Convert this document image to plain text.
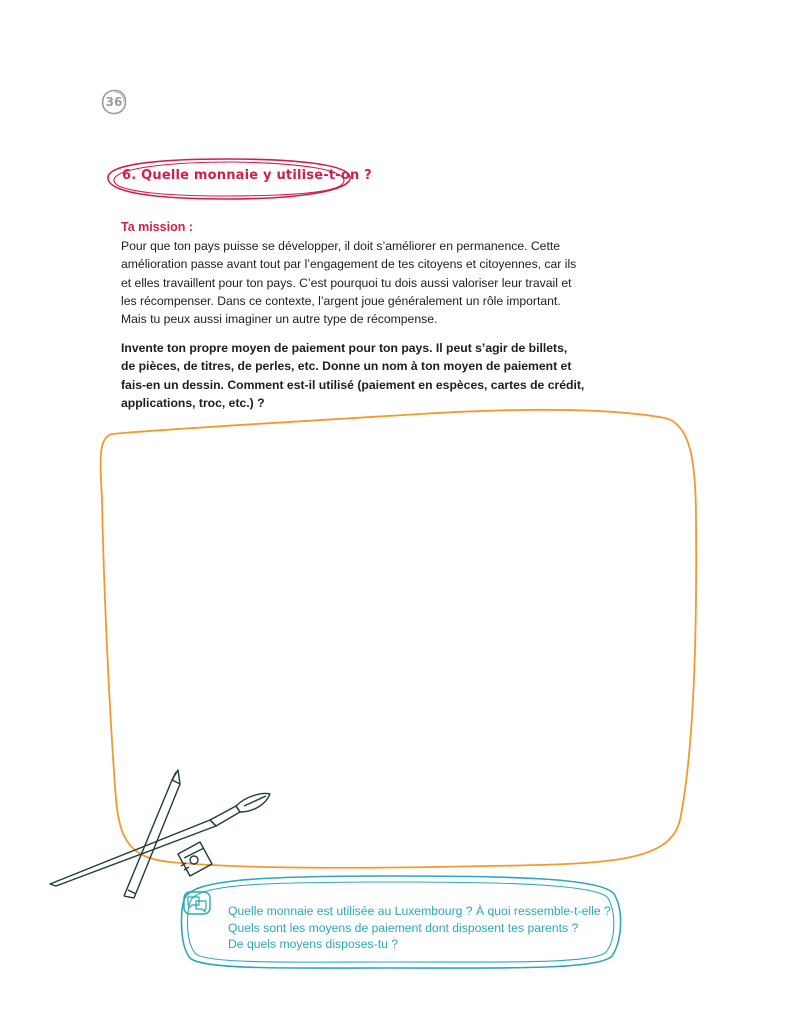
36
6. Quelle monnaie y utilise-t-on ?
Ta mission :
Pour que ton pays puisse se développer, il doit s’améliorer en permanence. Cette
amélioration passe avant tout par l’engagement de tes citoyens et citoyennes, car ils
et elles travaillent pour ton pays. C’est pourquoi tu dois aussi valoriser leur travail et
les récompenser. Dans ce contexte, l’argent joue généralement un rôle important.
Mais tu peux aussi imaginer un autre type de récompense.
Invente ton propre moyen de paiement pour ton pays. Il peut s’agir de billets,
de pièces, de titres, de perles, etc. Donne un nom à ton moyen de paiement et
fais-en un dessin. Comment est-il utilisé (paiement en espèces, cartes de crédit,
applications, troc, etc.) ?
Quelle monnaie est utilisée au Luxembourg ? À quoi ressemble-t-elle ?
Quels sont les moyens de paiement dont disposent tes parents ?
De quels moyens disposes-tu ?
